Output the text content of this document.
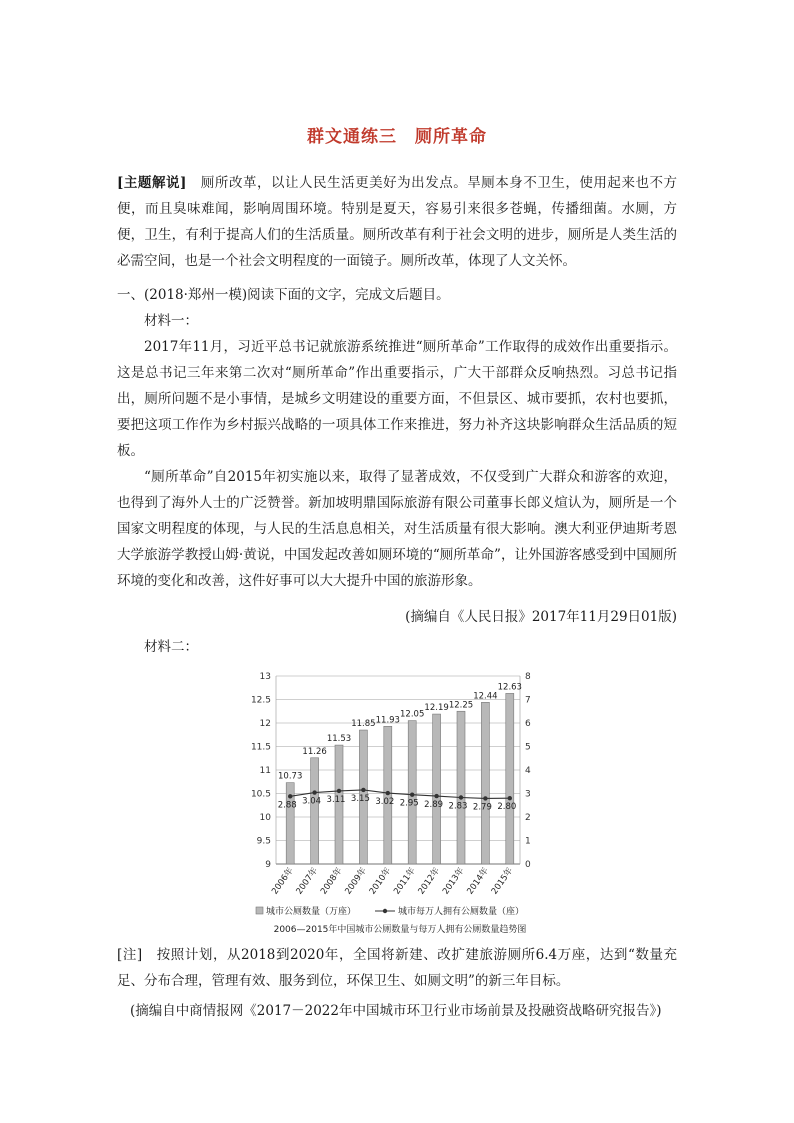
群文通练三　厕所革命

[主题解说]　厕所改革，以让人民生活更美好为出发点。旱厕本身不卫生，使用起来也不方便，而且臭味难闻，影响周围环境。特别是夏天，容易引来很多苍蝇，传播细菌。水厕，方便，卫生，有利于提高人们的生活质量。厕所改革有利于社会文明的进步，厕所是人类生活的必需空间，也是一个社会文明程度的一面镜子。厕所改革，体现了人文关怀。

一、(2018·郑州一模)阅读下面的文字，完成文后题目。

材料一：

2017年11月，习近平总书记就旅游系统推进“厕所革命”工作取得的成效作出重要指示。这是总书记三年来第二次对“厕所革命”作出重要指示，广大干部群众反响热烈。习总书记指出，厕所问题不是小事情，是城乡文明建设的重要方面，不但景区、城市要抓，农村也要抓，要把这项工作作为乡村振兴战略的一项具体工作来推进，努力补齐这块影响群众生活品质的短板。

“厕所革命”自2015年初实施以来，取得了显著成效，不仅受到广大群众和游客的欢迎，也得到了海外人士的广泛赞誉。新加坡明鼎国际旅游有限公司董事长郎义煊认为，厕所是一个国家文明程度的体现，与人民的生活息息相关，对生活质量有很大影响。澳大利亚伊迪斯考恩大学旅游学教授山姆·黄说，中国发起改善如厕环境的“厕所革命”，让外国游客感受到中国厕所环境的变化和改善，这件好事可以大大提升中国的旅游形象。

(摘编自《人民日报》2017年11月29日01版)

材料二：

9
9.5
10
10.5
11
11.5
12
12.5
13
0
1
2
3
4
5
6
7
8
10.73
2006年
11.26
2007年
11.53
2008年
11.85
2009年
11.93
2010年
12.05
2011年
12.19
2012年
12.25
2013年
12.44
2014年
12.63
2015年
2.88 3.04 3.11 3.15 3.02 2.95 2.89 2.83 2.79 2.80
城市公厕数量（万座）	城市每万人拥有公厕数量（座）
2006—2015年中国城市公厕数量与每万人拥有公厕数量趋势图

[注]　按照计划，从2018到2020年，全国将新建、改扩建旅游厕所6.4万座，达到“数量充足、分布合理，管理有效、服务到位，环保卫生、如厕文明”的新三年目标。

(摘编自中商情报网《2017－2022年中国城市环卫行业市场前景及投融资战略研究报告》)
